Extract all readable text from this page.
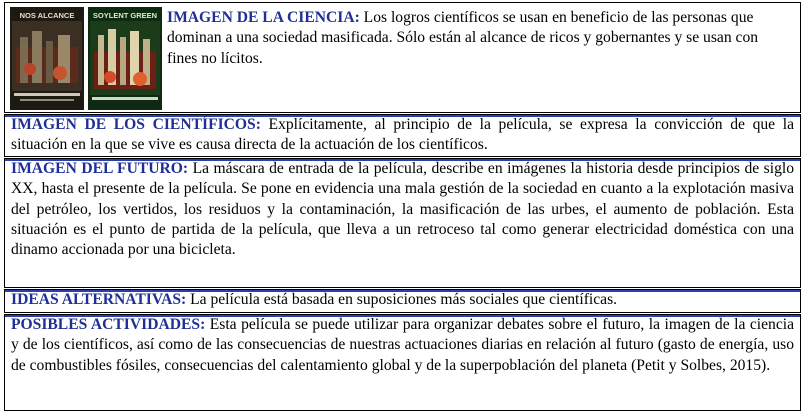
NOS ALCANCE SOYLENT GREEN IMAGEN DE LA CIENCIA: Los logros científicos se usan en beneficio de las personas que dominan a una sociedad masificada. Sólo están al alcance de ricos y gobernantes y se usan con fines no lícitos.
IMAGEN DE LOS CIENTÍFICOS: Explícitamente, al principio de la película, se expresa la convicción de que la situación en la que se vive es causa directa de la actuación de los científicos.
IMAGEN DEL FUTURO: La máscara de entrada de la película, describe en imágenes la historia desde principios de siglo XX, hasta el presente de la película. Se pone en evidencia una mala gestión de la sociedad en cuanto a la explotación masiva del petróleo, los vertidos, los residuos y la contaminación, la masificación de las urbes, el aumento de población. Esta situación es el punto de partida de la película, que lleva a un retroceso tal como generar electricidad doméstica con una dinamo accionada por una bicicleta.
IDEAS ALTERNATIVAS: La película está basada en suposiciones más sociales que científicas.
POSIBLES ACTIVIDADES: Esta película se puede utilizar para organizar debates sobre el futuro, la imagen de la ciencia y de los científicos, así como de las consecuencias de nuestras actuaciones diarias en relación al futuro (gasto de energía, uso de combustibles fósiles, consecuencias del calentamiento global y de la superpoblación del planeta (Petit y Solbes, 2015).
